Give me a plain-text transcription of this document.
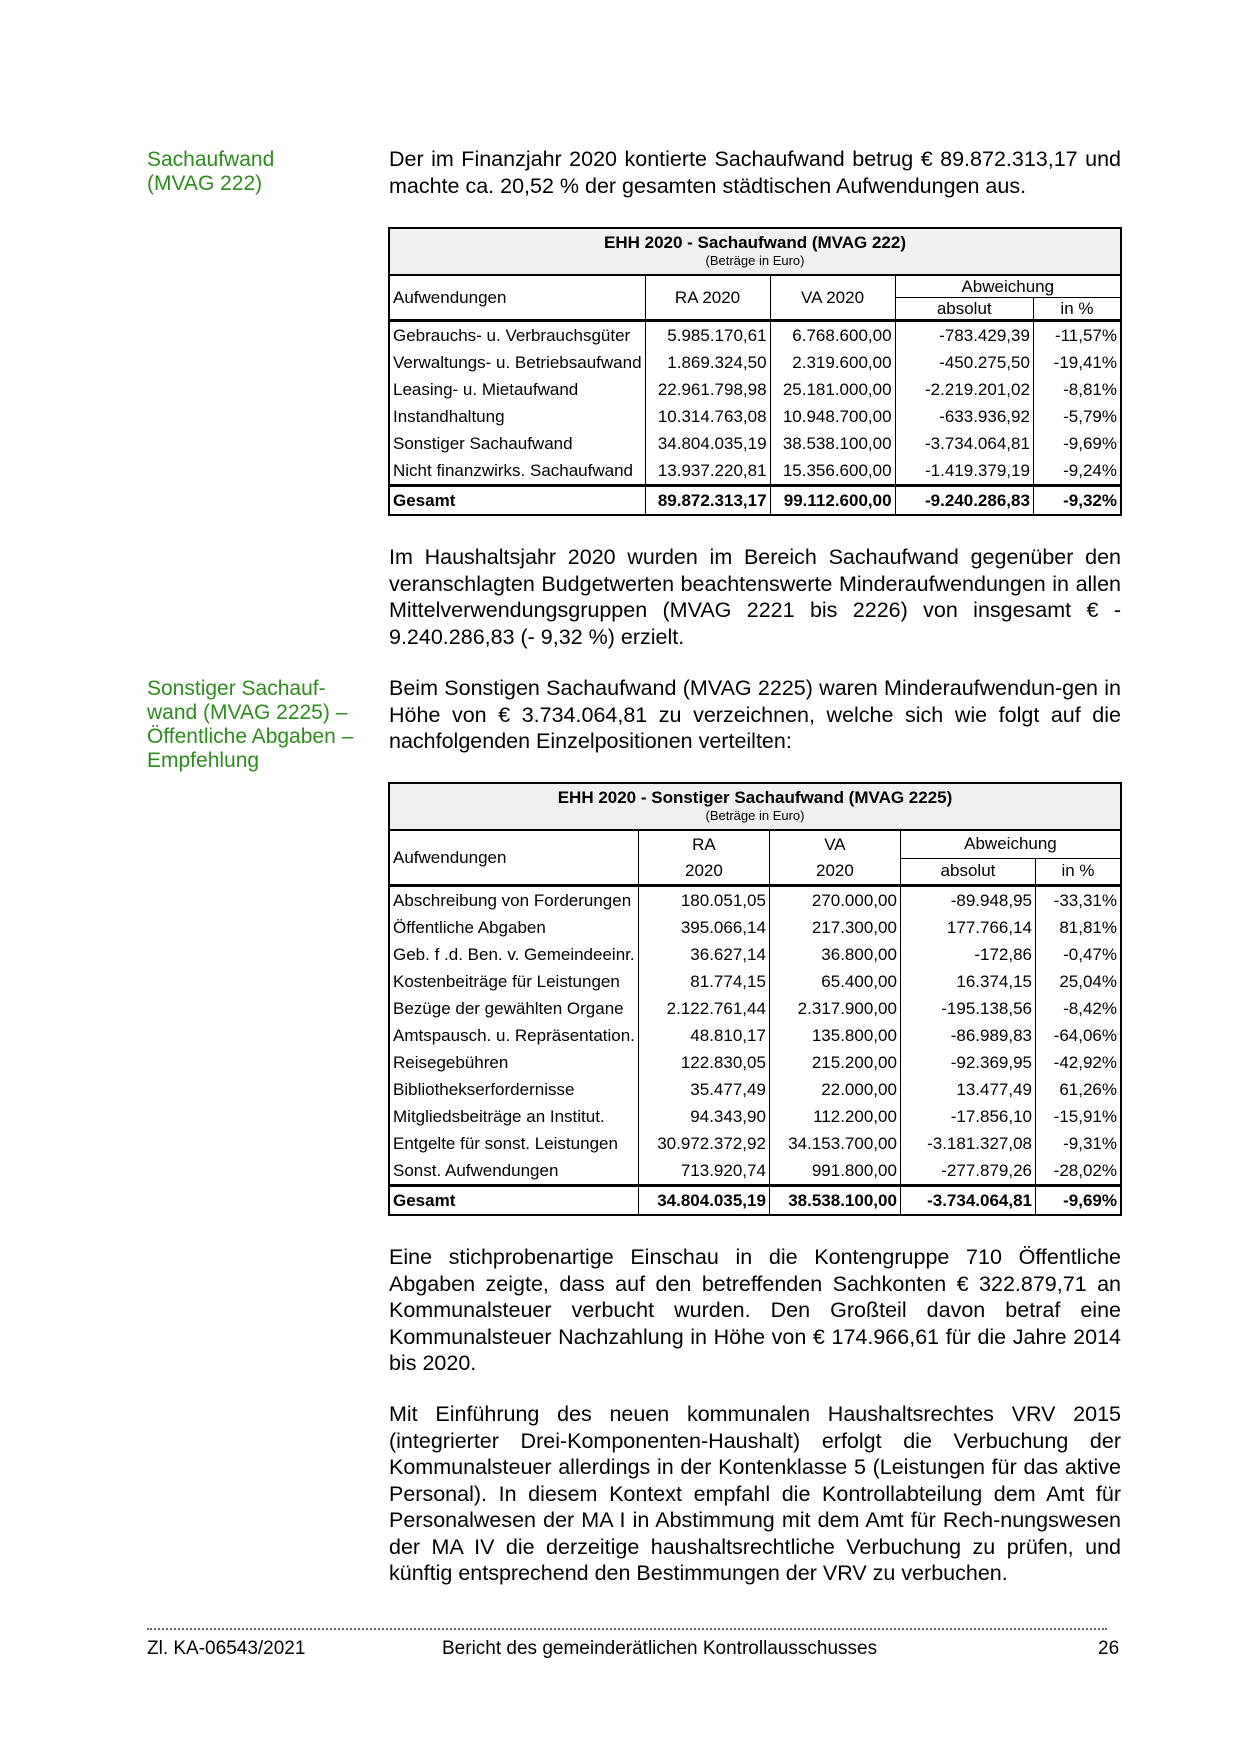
Sachaufwand
(MVAG 222)
Der im Finanzjahr 2020 kontierte Sachaufwand betrug € 89.872.313,17 und machte ca. 20,52 % der gesamten städtischen Aufwendungen aus.
EHH 2020 - Sachaufwand (MVAG 222)
(Beträge in Euro)				

Aufwendungen	RA 2020	VA 2020	Abweichung	
			absolut	in %
Gebrauchs- u. Verbrauchsgüter	5.985.170,61	6.768.600,00	-783.429,39	-11,57%
Verwaltungs- u. Betriebsaufwand	1.869.324,50	2.319.600,00	-450.275,50	-19,41%
Leasing- u. Mietaufwand	22.961.798,98	25.181.000,00	-2.219.201,02	-8,81%
Instandhaltung	10.314.763,08	10.948.700,00	-633.936,92	-5,79%
Sonstiger Sachaufwand	34.804.035,19	38.538.100,00	-3.734.064,81	-9,69%
Nicht finanzwirks. Sachaufwand	13.937.220,81	15.356.600,00	-1.419.379,19	-9,24%
Gesamt	89.872.313,17	99.112.600,00	-9.240.286,83	-9,32%
Im Haushaltsjahr 2020 wurden im Bereich Sachaufwand gegenüber den veranschlagten Budgetwerten beachtenswerte Minderaufwendungen in allen Mittelverwendungsgruppen (MVAG 2221 bis 2226) von insgesamt € - 9.240.286,83 (- 9,32 %) erzielt.
Sonstiger Sachauf-
wand (MVAG 2225) –
Öffentliche Abgaben –
Empfehlung
Beim Sonstigen Sachaufwand (MVAG 2225) waren Minderaufwendun-gen in Höhe von € 3.734.064,81 zu verzeichnen, welche sich wie folgt auf die nachfolgenden Einzelpositionen verteilten:
EHH 2020 - Sonstiger Sachaufwand (MVAG 2225)
(Beträge in Euro)				

Aufwendungen	RA	VA	Abweichung	
	2020	2020	absolut	in %
Abschreibung von Forderungen	180.051,05	270.000,00	-89.948,95	-33,31%
Öffentliche Abgaben	395.066,14	217.300,00	177.766,14	81,81%
Geb. f .d. Ben. v. Gemeindeeinr.	36.627,14	36.800,00	-172,86	-0,47%
Kostenbeiträge für Leistungen	81.774,15	65.400,00	16.374,15	25,04%
Bezüge der gewählten Organe	2.122.761,44	2.317.900,00	-195.138,56	-8,42%
Amtspausch. u. Repräsentation.	48.810,17	135.800,00	-86.989,83	-64,06%
Reisegebühren	122.830,05	215.200,00	-92.369,95	-42,92%
Bibliothekserfordernisse	35.477,49	22.000,00	13.477,49	61,26%
Mitgliedsbeiträge an Institut.	94.343,90	112.200,00	-17.856,10	-15,91%
Entgelte für sonst. Leistungen	30.972.372,92	34.153.700,00	-3.181.327,08	-9,31%
Sonst. Aufwendungen	713.920,74	991.800,00	-277.879,26	-28,02%
Gesamt	34.804.035,19	38.538.100,00	-3.734.064,81	-9,69%
Eine stichprobenartige Einschau in die Kontengruppe 710 Öffentliche Abgaben zeigte, dass auf den betreffenden Sachkonten € 322.879,71 an Kommunalsteuer verbucht wurden. Den Großteil davon betraf eine Kommunalsteuer Nachzahlung in Höhe von € 174.966,61 für die Jahre 2014 bis 2020.
Mit Einführung des neuen kommunalen Haushaltsrechtes VRV 2015 (integrierter Drei-Komponenten-Haushalt) erfolgt die Verbuchung der Kommunalsteuer allerdings in der Kontenklasse 5 (Leistungen für das aktive Personal). In diesem Kontext empfahl die Kontrollabteilung dem Amt für Personalwesen der MA I in Abstimmung mit dem Amt für Rech-nungswesen der MA IV die derzeitige haushaltsrechtliche Verbuchung zu prüfen, und künftig entsprechend den Bestimmungen der VRV zu verbuchen.
Zl. KA-06543/2021	Bericht des gemeinderätlichen Kontrollausschusses	26
